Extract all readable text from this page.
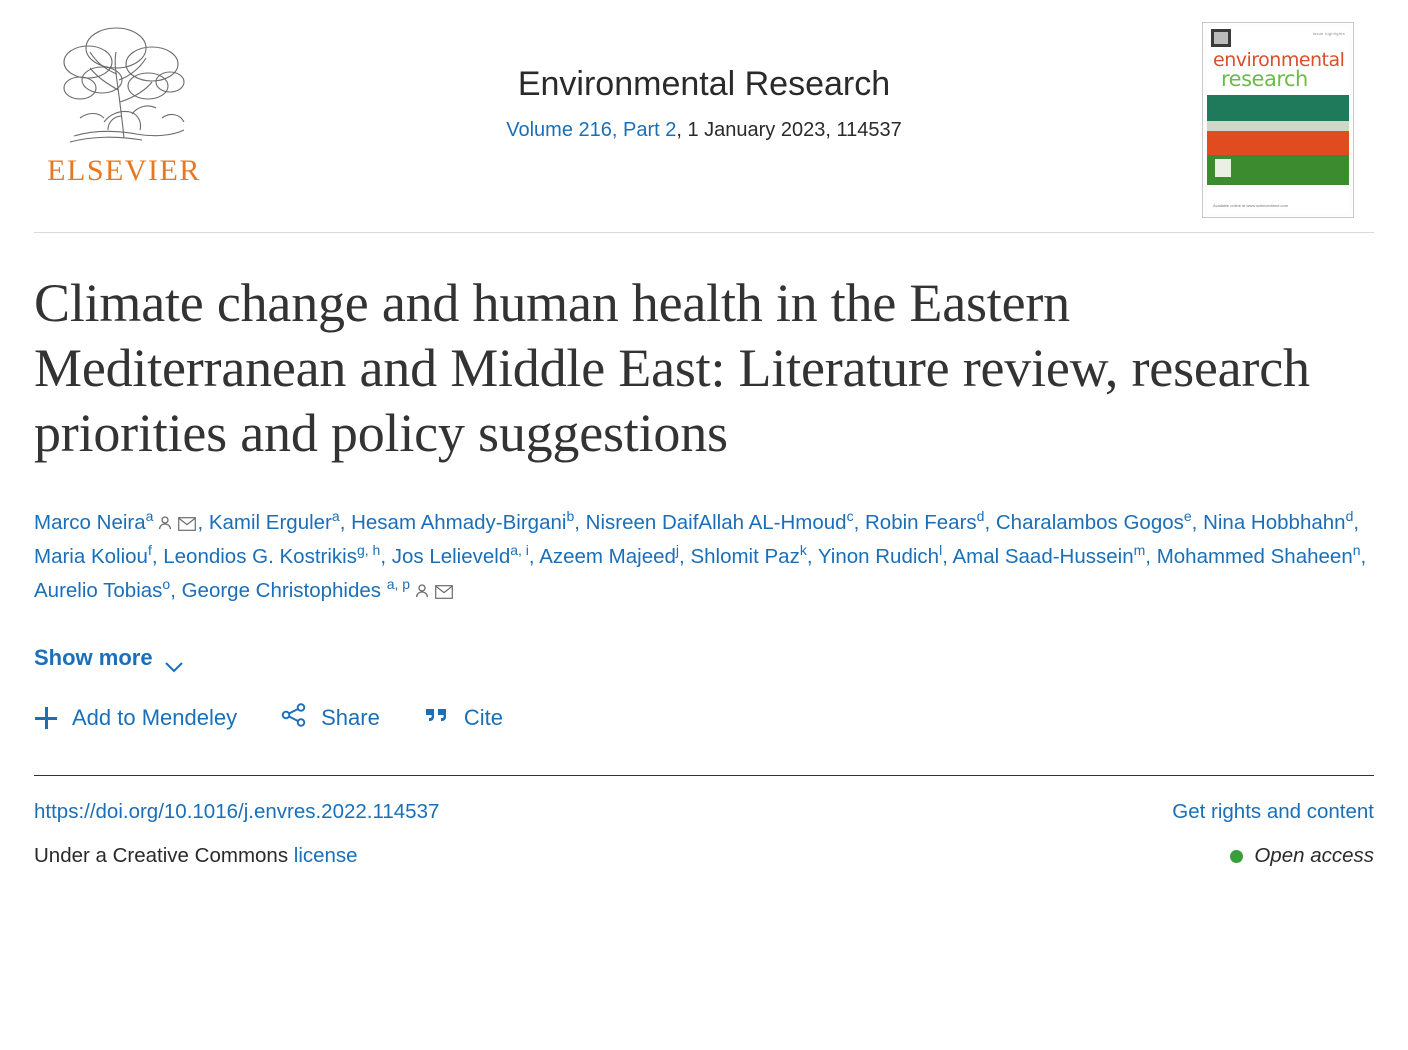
ELSEVIER
Environmental Research
Volume 216, Part 2, 1 January 2023, 114537
Issue highlights
environmental
research
Available online at www.sciencedirect.com
Climate change and human health in the Eastern Mediterranean and Middle East: Literature review, research priorities and policy suggestions
Marco Neira$^a$ , Kamil Erguler$^a$, Hesam Ahmady-Birgani$^b$, Nisreen DaifAllah AL-Hmoud$^c$, Robin Fears$^d$, Charalambos Gogos$^e$, Nina Hobbhahn$^d$, Maria Koliou$^f$, Leondios G. Kostrikis$^{g, h}$, Jos Lelieveld$^{a, i}$, Azeem Majeed$^j$, Shlomit Paz$^k$, Yinon Rudich$^l$, Amal Saad-Hussein$^m$, Mohammed Shaheen$^n$, Aurelio Tobias$^o$, George Christophides $^{a, p}$
Show more
Add to Mendeley	Share	Cite
https://doi.org/10.1016/j.envres.2022.114537	Get rights and content
Under a Creative Commons license	Open access
